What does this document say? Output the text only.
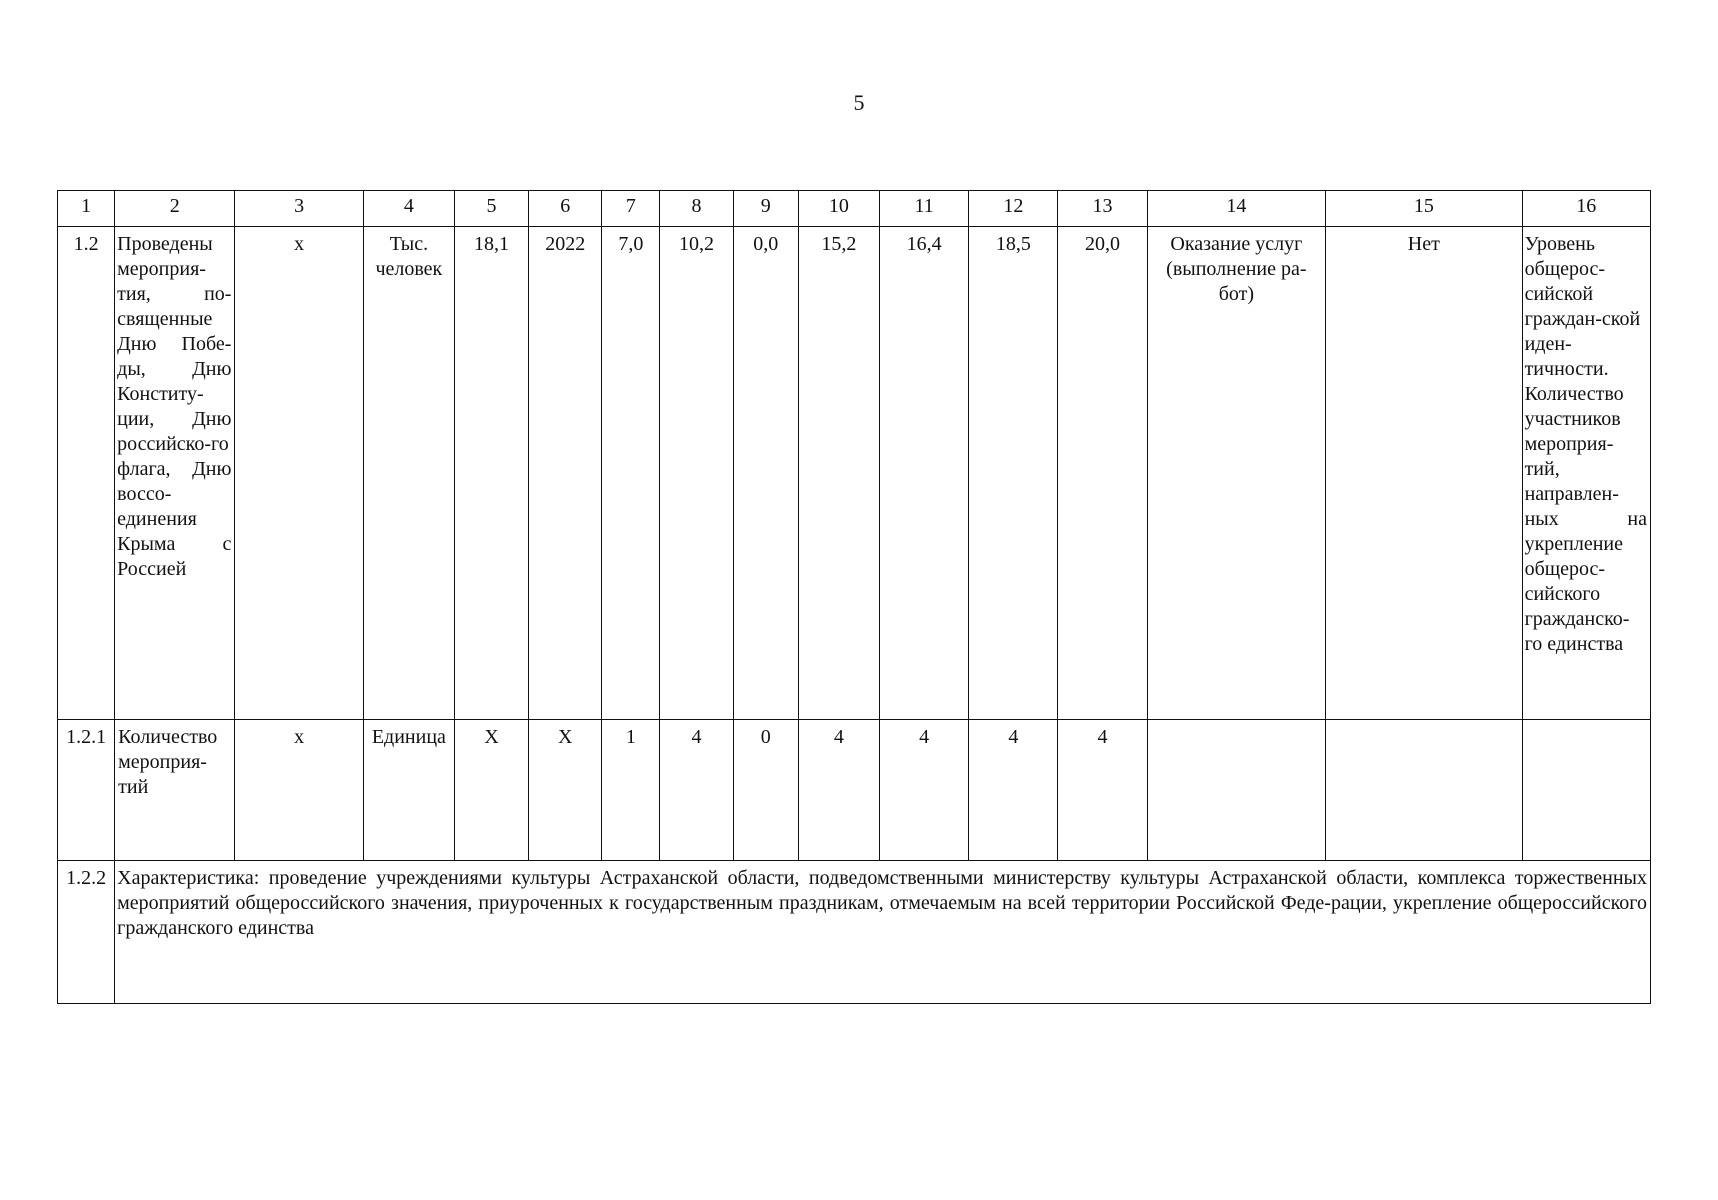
5
1	2	3	4	5	6	7	8	9	10	11	12	13	14	15	16
1.2	Проведены мероприя-тия, по-священные Дню Побе-ды, Дню Конститу-ции, Дню российско-го флага, Дню воссо-единения Крыма с Россией	х	Тыс. человек	18,1	2022	7,0	10,2	0,0	15,2	16,4	18,5	20,0	Оказание услуг (выполнение ра-бот)	Нет	Уровень общерос-сийской граждан-ской иден-тичности. Количество участников мероприя-тий, направлен-ных на укрепление общерос-сийского гражданско-го единства
1.2.1	Количество мероприя-тий	х	Единица	Х	Х	1	4	0	4	4	4	4			
1.2.2	Характеристика: проведение учреждениями культуры Астраханской области, подведомственными министерству культуры Астраханской области, комплекса торжественных мероприятий общероссийского значения, приуроченных к государственным праздникам, отмечаемым на всей территории Российской Феде-рации, укрепление общероссийского гражданского единства														
